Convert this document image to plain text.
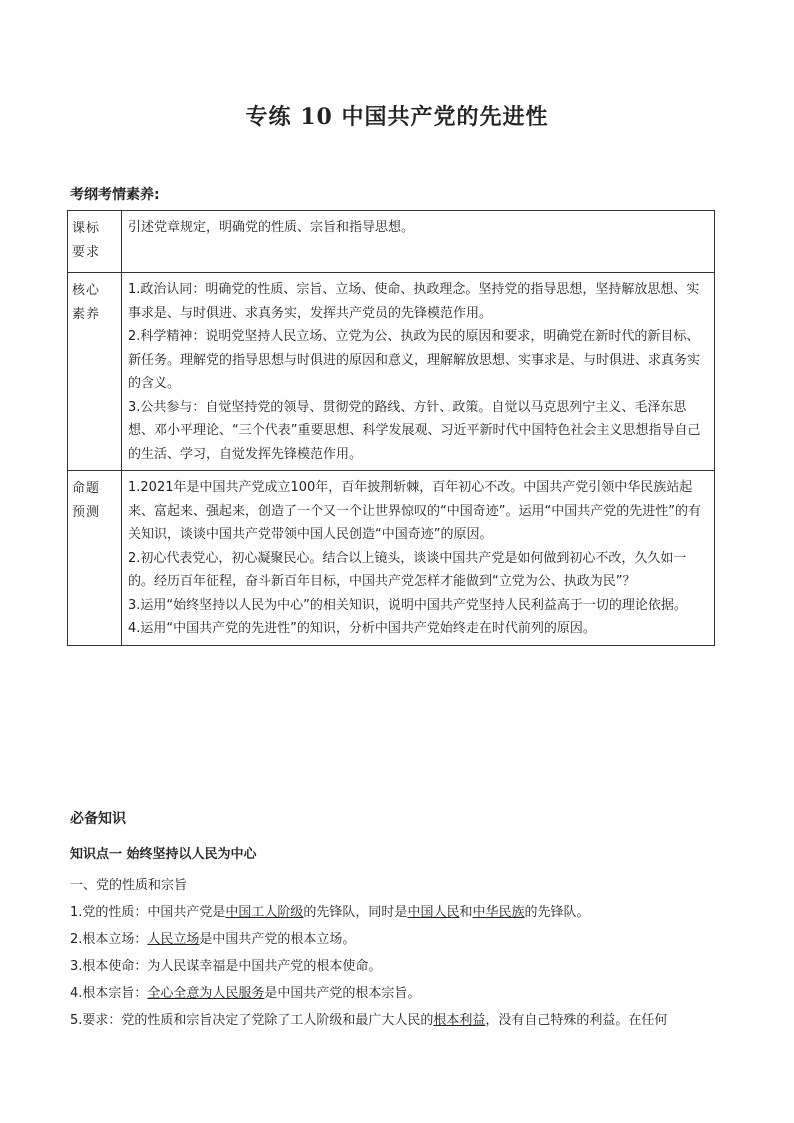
专练 10 中国共产党的先进性
考纲考情素养:
课标
要求	引述党章规定，明确党的性质、宗旨和指导思想。

核心
素养	1.政治认同：明确党的性质、宗旨、立场、使命、执政理念。坚持党的指导思想，坚持解放思想、实事求是、与时俱进、求真务实，发挥共产党员的先锋模范作用。
2.科学精神：说明党坚持人民立场、立党为公、执政为民的原因和要求，明确党在新时代的新目标、新任务。理解党的指导思想与时俱进的原因和意义，理解解放思想、实事求是、与时俱进、求真务实的含义。
3.公共参与：自觉坚持党的领导、贯彻党的路线、方针、政策。自觉以马克思列宁主义、毛泽东思想、邓小平理论、“三个代表”重要思想、科学发展观、习近平新时代中国特色社会主义思想指导自己的生活、学习，自觉发挥先锋模范作用。

命题
预测	1.2021年是中国共产党成立100年，百年披荆斩棘，百年初心不改。中国共产党引领中华民族站起来、富起来、强起来，创造了一个又一个让世界惊叹的“中国奇迹”。运用“中国共产党的先进性”的有关知识，谈谈中国共产党带领中国人民创造“中国奇迹”的原因。
2.初心代表党心，初心凝聚民心。结合以上镜头，谈谈中国共产党是如何做到初心不改，久久如一的。经历百年征程，奋斗新百年目标，中国共产党怎样才能做到“立党为公、执政为民”？
3.运用“始终坚持以人民为中心”的相关知识，说明中国共产党坚持人民利益高于一切的理论依据。
4.运用“中国共产党的先进性”的知识，分析中国共产党始终走在时代前列的原因。
必备知识
知识点一 始终坚持以人民为中心
一、党的性质和宗旨
1.党的性质：中国共产党是中国工人阶级的先锋队，同时是中国人民和中华民族的先锋队。
2.根本立场：人民立场是中国共产党的根本立场。
3.根本使命：为人民谋幸福是中国共产党的根本使命。
4.根本宗旨：全心全意为人民服务是中国共产党的根本宗旨。
5.要求：党的性质和宗旨决定了党除了工人阶级和最广大人民的根本利益，没有自己特殊的利益。在任何
